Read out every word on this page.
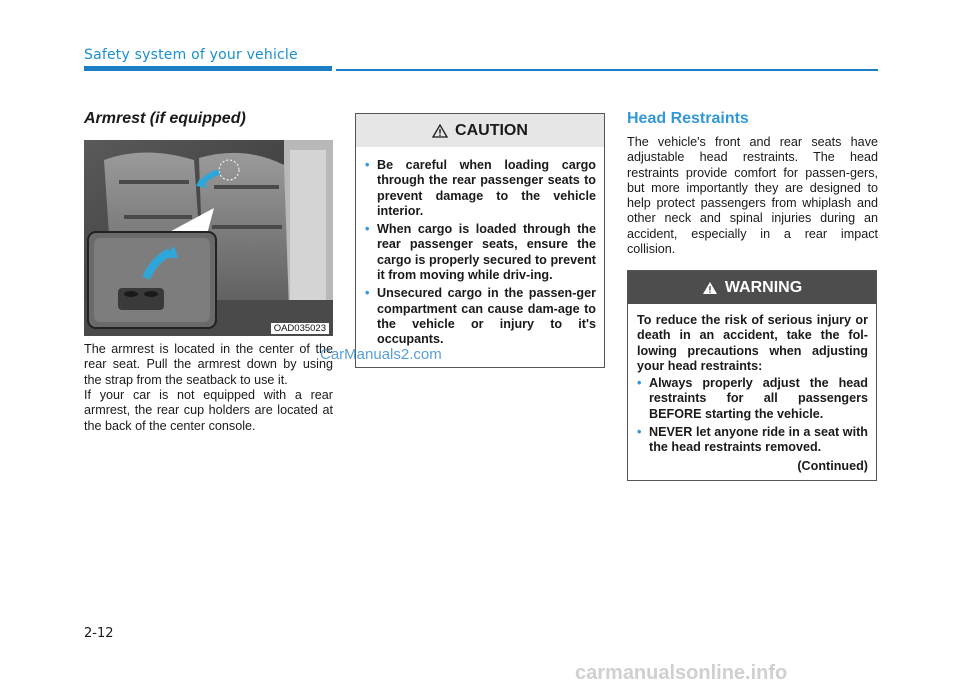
Safety system of your vehicle
Armrest (if equipped)
OAD035023
The armrest is located in the center of the rear seat. Pull the armrest down by using the strap from the seatback to use it.
If your car is not equipped with a rear armrest, the rear cup holders are located at the back of the center console.
CAUTION
• Be careful when loading cargo through the rear passenger seats to prevent damage to the vehicle interior.
• When cargo is loaded through the rear passenger seats, ensure the cargo is properly secured to prevent it from moving while driv-ing.
• Unsecured cargo in the passen-ger compartment can cause dam-age to the vehicle or injury to it's occupants.
Head Restraints
The vehicle's front and rear seats have adjustable head restraints. The head restraints provide comfort for passen-gers, but more importantly they are designed to help protect passengers from whiplash and other neck and spinal injuries during an accident, especially in a rear impact collision.
WARNING
To reduce the risk of serious injury or death in an accident, take the fol-lowing precautions when adjusting your head restraints:
• Always properly adjust the head restraints for all passengers BEFORE starting the vehicle.
• NEVER let anyone ride in a seat with the head restraints removed.
(Continued)
2-12
CarManuals2.com
carmanualsonline.info
